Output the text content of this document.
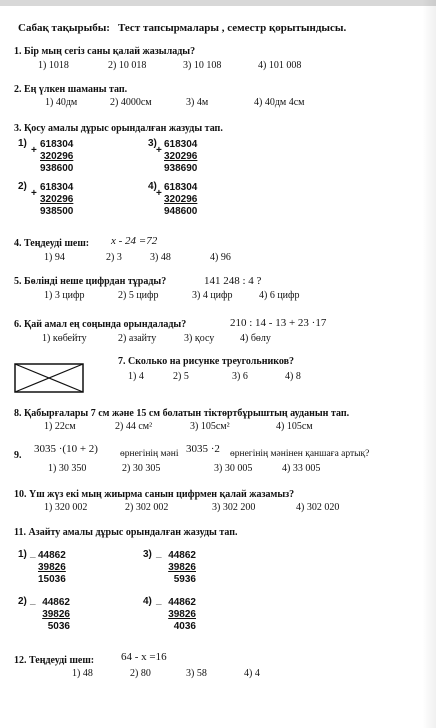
Сабақ тақырыбы: Тест тапсырмалары , семестр қорытындысы.
1. Бір мың сегіз саны қалай жазылады?
1) 1018	2) 10 018	3) 10 108	4) 101 008
2. Ең үлкен шаманы тап.
1) 40дм	2) 4000см	3) 4м	4) 40дм 4см
3. Қосу амалы дұрыс орындалған жазуды тап.
1)
+
618304
320296
938600
3)
+
618304
320296
938690
2)
+
618304
320296
938500
4)
+
618304
320296
948600
4. Теңдеуді шеш: x - 24 =72
1) 94	2) 3	3) 48	4) 96
5. Бөлінді неше цифрдан тұрады?	141 248 : 4 ?
1) 3 цифр	2) 5 цифр	3) 4 цифр	4) 6 цифр
6. Қай амал ең соңында орындалады?	210 : 14 - 13 + 23 ·17
1) көбейту	2) азайту	3) қосу	4) бөлу
7. Сколько на рисунке треугольников?
1) 4	2) 5	3) 6	4) 8
8. Қабырғалары 7 см және 15 см болатын тіктөртбұрыштың ауданын тап.
1) 22см	2) 44 см²	3) 105см²	4) 105см
9.
3035 ·(10 + 2) өрнегінің мәні 3035 ·2 өрнегінің мәнінен қаншаға артық?
1) 30 350	2) 30 305	3) 30 005	4) 33 005
10. Үш жүз екі мың жиырма санын цифрмен қалай жазамыз?
1) 320 002	2) 302 002	3) 302 200	4) 302 020
11. Азайту амалы дұрыс орындалған жазуды тап.
1) _ 44862
39826
15036
3) _ 44862
39826
5936
2) _ 44862
39826
5036
4) _ 44862
39826
4036
12. Теңдеуді шеш: 64 - x =16
1) 48	2) 80	3) 58	4) 4
